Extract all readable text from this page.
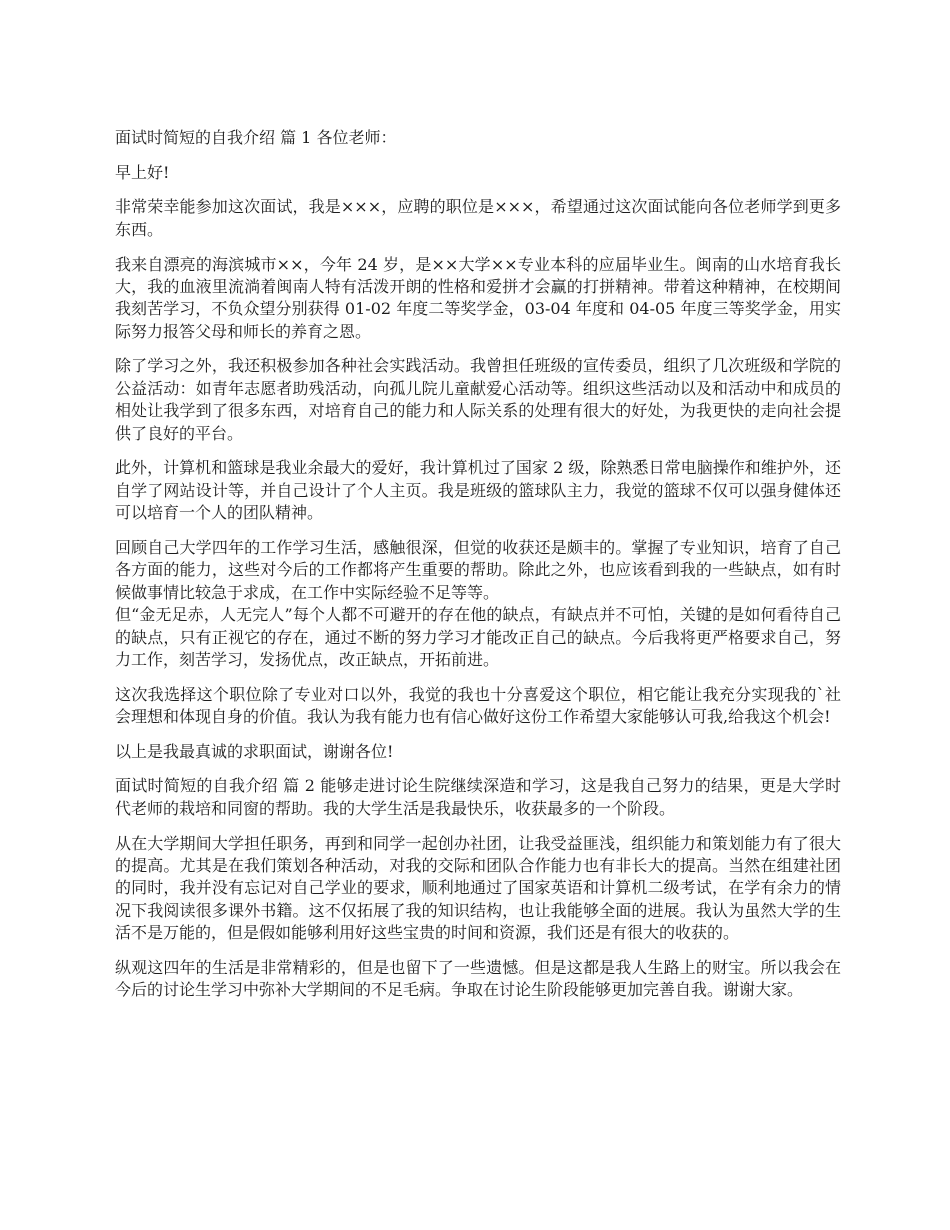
面试时简短的自我介绍 篇 1 各位老师：

早上好!

非常荣幸能参加这次面试，我是×××，应聘的职位是×××，希望通过这次面试能向各位老师学到更多东西。

我来自漂亮的海滨城市××，今年 24 岁，是××大学××专业本科的应届毕业生。闽南的山水培育我长大，我的血液里流淌着闽南人特有活泼开朗的性格和爱拼才会赢的打拼精神。带着这种精神，在校期间我刻苦学习，不负众望分别获得 01-02 年度二等奖学金，03-04 年度和 04-05 年度三等奖学金，用实际努力报答父母和师长的养育之恩。

除了学习之外，我还积极参加各种社会实践活动。我曾担任班级的宣传委员，组织了几次班级和学院的公益活动：如青年志愿者助残活动，向孤儿院儿童献爱心活动等。组织这些活动以及和活动中和成员的相处让我学到了很多东西，对培育自己的能力和人际关系的处理有很大的好处，为我更快的走向社会提供了良好的平台。

此外，计算机和篮球是我业余最大的爱好，我计算机过了国家 2 级，除熟悉日常电脑操作和维护外，还自学了网站设计等，并自己设计了个人主页。我是班级的篮球队主力，我觉的篮球不仅可以强身健体还可以培育一个人的团队精神。

回顾自己大学四年的工作学习生活，感触很深，但觉的收获还是颇丰的。掌握了专业知识，培育了自己各方面的能力，这些对今后的工作都将产生重要的帮助。除此之外，也应该看到我的一些缺点，如有时候做事情比较急于求成，在工作中实际经验不足等等。
但“金无足赤，人无完人”每个人都不可避开的存在他的缺点，有缺点并不可怕，关键的是如何看待自己的缺点，只有正视它的存在，通过不断的努力学习才能改正自己的缺点。今后我将更严格要求自己，努力工作，刻苦学习，发扬优点，改正缺点，开拓前进。

这次我选择这个职位除了专业对口以外，我觉的我也十分喜爱这个职位，相它能让我充分实现我的`社会理想和体现自身的价值。我认为我有能力也有信心做好这份工作希望大家能够认可我,给我这个机会!

以上是我最真诚的求职面试，谢谢各位!

面试时简短的自我介绍 篇 2 能够走进讨论生院继续深造和学习，这是我自己努力的结果，更是大学时代老师的栽培和同窗的帮助。我的大学生活是我最快乐，收获最多的一个阶段。

从在大学期间大学担任职务，再到和同学一起创办社团，让我受益匪浅，组织能力和策划能力有了很大的提高。尤其是在我们策划各种活动，对我的交际和团队合作能力也有非长大的提高。当然在组建社团的同时，我并没有忘记对自己学业的要求，顺利地通过了国家英语和计算机二级考试，在学有余力的情况下我阅读很多课外书籍。这不仅拓展了我的知识结构，也让我能够全面的进展。我认为虽然大学的生活不是万能的，但是假如能够利用好这些宝贵的时间和资源，我们还是有很大的收获的。

纵观这四年的生活是非常精彩的，但是也留下了一些遗憾。但是这都是我人生路上的财宝。所以我会在今后的讨论生学习中弥补大学期间的不足毛病。争取在讨论生阶段能够更加完善自我。谢谢大家。
